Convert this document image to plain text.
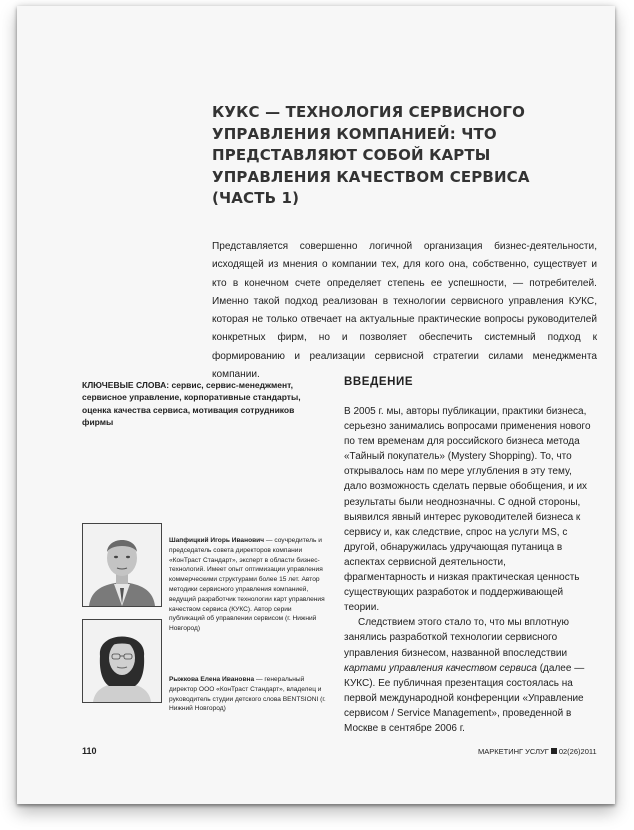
КУКС — ТЕХНОЛОГИЯ СЕРВИСНОГО УПРАВЛЕНИЯ КОМПАНИЕЙ: ЧТО ПРЕДСТАВЛЯЮТ СОБОЙ КАРТЫ УПРАВЛЕНИЯ КАЧЕСТВОМ СЕРВИСА (ЧАСТЬ 1)

Представляется совершенно логичной организация бизнес-деятельности, исходящей из мнения о компании тех, для кого она, собственно, существует и кто в конечном счете определяет степень ее успешности, — потребителей. Именно такой подход реализован в технологии сервисного управления КУКС, которая не только отвечает на актуальные практические вопросы руководителей конкретных фирм, но и позволяет обеспечить системный подход к формированию и реализации сервисной стратегии силами менеджмента компании.

КЛЮЧЕВЫЕ СЛОВА: сервис, сервис-менеджмент, сервисное управление, корпоративные стандарты, оценка качества сервиса, мотивация сотрудников фирмы

ВВЕДЕНИЕ

В 2005 г. мы, авторы публикации, практики бизнеса, серьезно занимались вопросами применения нового по тем временам для российского бизнеса метода «Тайный покупатель» (Mystery Shopping). То, что открывалось нам по мере углубления в эту тему, дало возможность сделать первые обобщения, и их результаты были неоднозначны. С одной стороны, выявился явный интерес руководителей бизнеса к сервису и, как следствие, спрос на услуги MS, с другой, обнаружилась удручающая путаница в аспектах сервисной деятельности, фрагментарность и низкая практическая ценность существующих разработок и поддерживающей теории.

Следствием этого стало то, что мы вплотную занялись разработкой технологии сервисного управления бизнесом, названной впоследствии картами управления качеством сервиса (далее — КУКС). Ее публичная презентация состоялась на первой международной конференции «Управление сервисом / Service Management», проведенной в Москве в сентябре 2006 г.

Шапфицкий Игорь Иванович — соучредитель и председатель совета директоров компании «КонТраст Стандарт», эксперт в области бизнес-технологий. Имеет опыт оптимизации управления коммерческими структурами более 15 лет. Автор методики сервисного управления компанией, ведущий разработчик технологии карт управления качеством сервиса (КУКС). Автор серии публикаций об управлении сервисом (г. Нижний Новгород)

Рыжкова Елена Ивановна — генеральный директор ООО «КонТраст Стандарт», владелец и руководитель студии детского слова BENTSIONI (г. Нижний Новгород)

110	МАРКЕТИНГ УСЛУГ 02(26)2011
